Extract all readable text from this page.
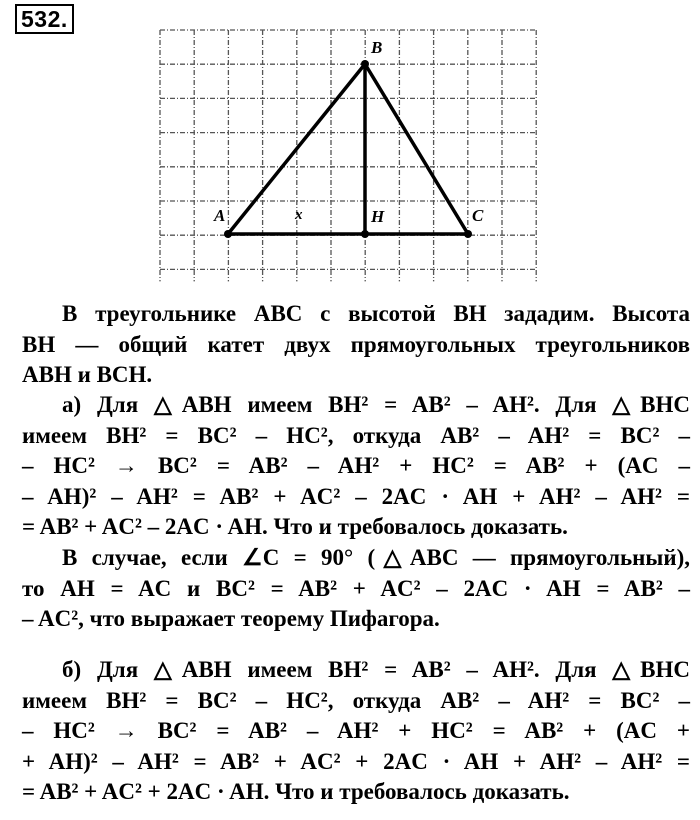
532.
A
B
H	C
x
В треугольнике ABC с высотой BH зададим. Высота
BH — общий катет двух прямоугольных треугольников
ABH и BCH.
а) Для △ABH имеем BH² = AB² – AH². Для △BHC
имеем BH² = BC² – HC², откуда AB² – AH² = BC² –
– HC² → BC² = AB² – AH² + HC² = AB² + (AC –
– AH)² – AH² = AB² + AC² – 2AC · AH + AH² – AH² =
= AB² + AC² – 2AC · AH. Что и требовалось доказать.
В случае, если ∠C = 90° (△ABC — прямоугольный),
то AH = AC и BC² = AB² + AC² – 2AC · AH = AB² –
– AC², что выражает теорему Пифагора.
б) Для △ABH имеем BH² = AB² – AH². Для △BHC
имеем BH² = BC² – HC², откуда AB² – AH² = BC² –
– HC² → BC² = AB² – AH² + HC² = AB² + (AC +
+ AH)² – AH² = AB² + AC² + 2AC · AH + AH² – AH² =
= AB² + AC² + 2AC · AH. Что и требовалось доказать.
